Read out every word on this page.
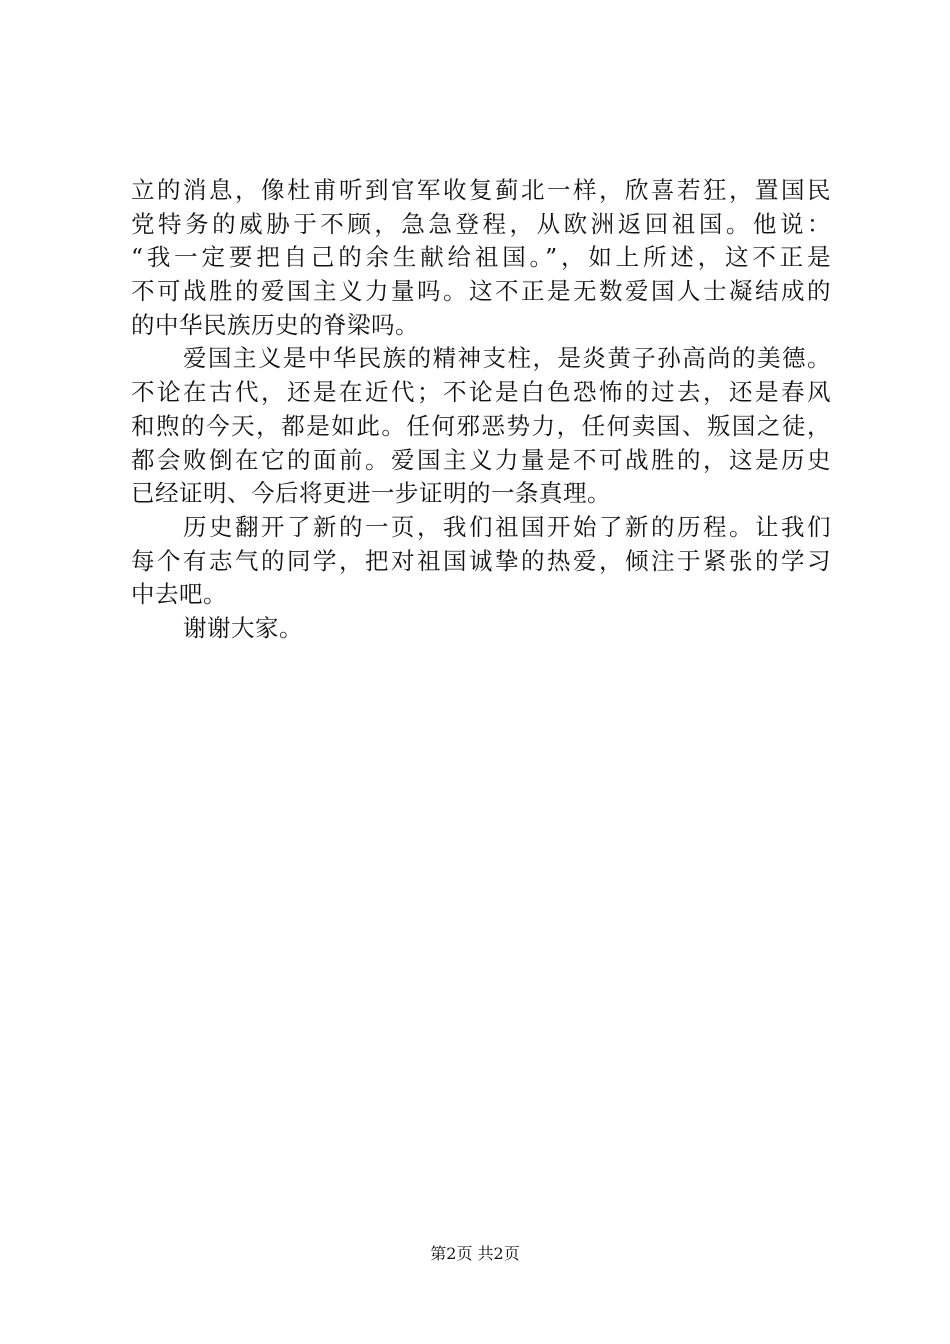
立的消息，像杜甫听到官军收复蓟北一样，欣喜若狂，置国民
党特务的威胁于不顾，急急登程，从欧洲返回祖国。他说：
“我一定要把自己的余生献给祖国。”，如上所述，这不正是
不可战胜的爱国主义力量吗。这不正是无数爱国人士凝结成的
的中华民族历史的脊梁吗。
爱国主义是中华民族的精神支柱，是炎黄子孙高尚的美德。
不论在古代，还是在近代；不论是白色恐怖的过去，还是春风
和煦的今天，都是如此。任何邪恶势力，任何卖国、叛国之徒，
都会败倒在它的面前。爱国主义力量是不可战胜的，这是历史
已经证明、今后将更进一步证明的一条真理。
历史翻开了新的一页，我们祖国开始了新的历程。让我们
每个有志气的同学，把对祖国诚挚的热爱，倾注于紧张的学习
中去吧。
谢谢大家。
第2页 共2页
